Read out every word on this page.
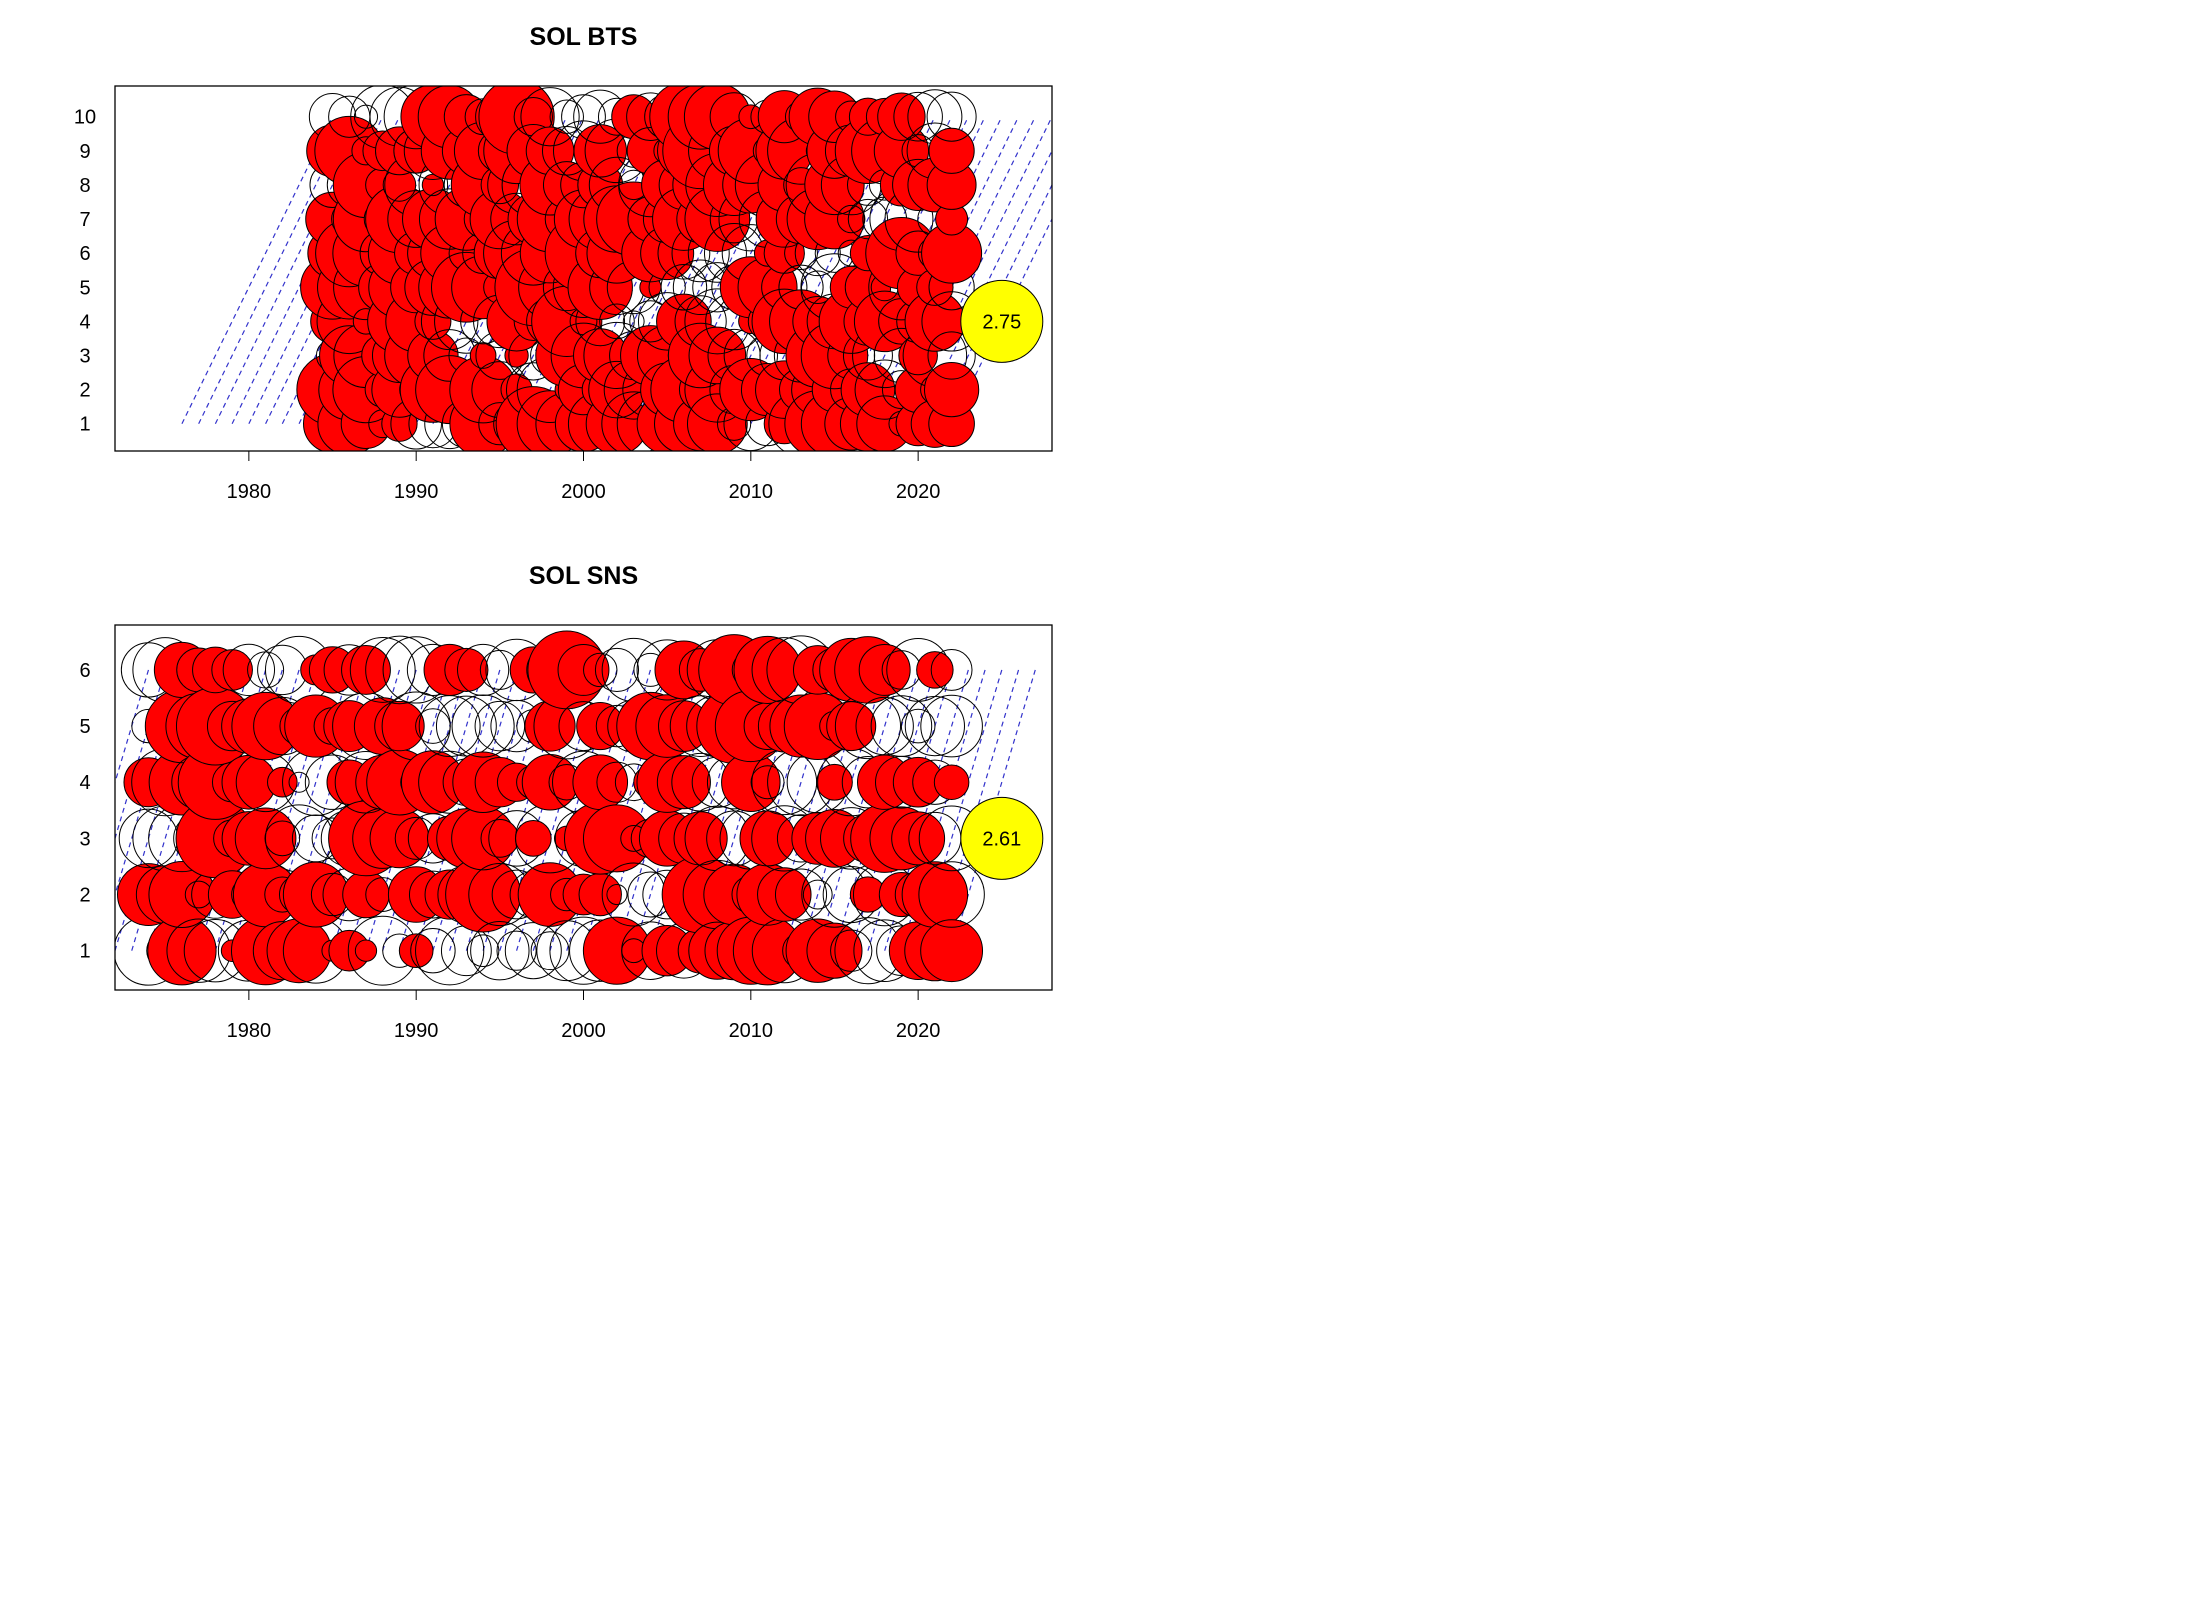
SOL BTS
2.75
1980	1990	2000	2010	2020
1
2
3
4
5
6
7
8
9
10
SOL SNS
2.61
1980	1990	2000	2010	2020
1
2
3
4
5
6
